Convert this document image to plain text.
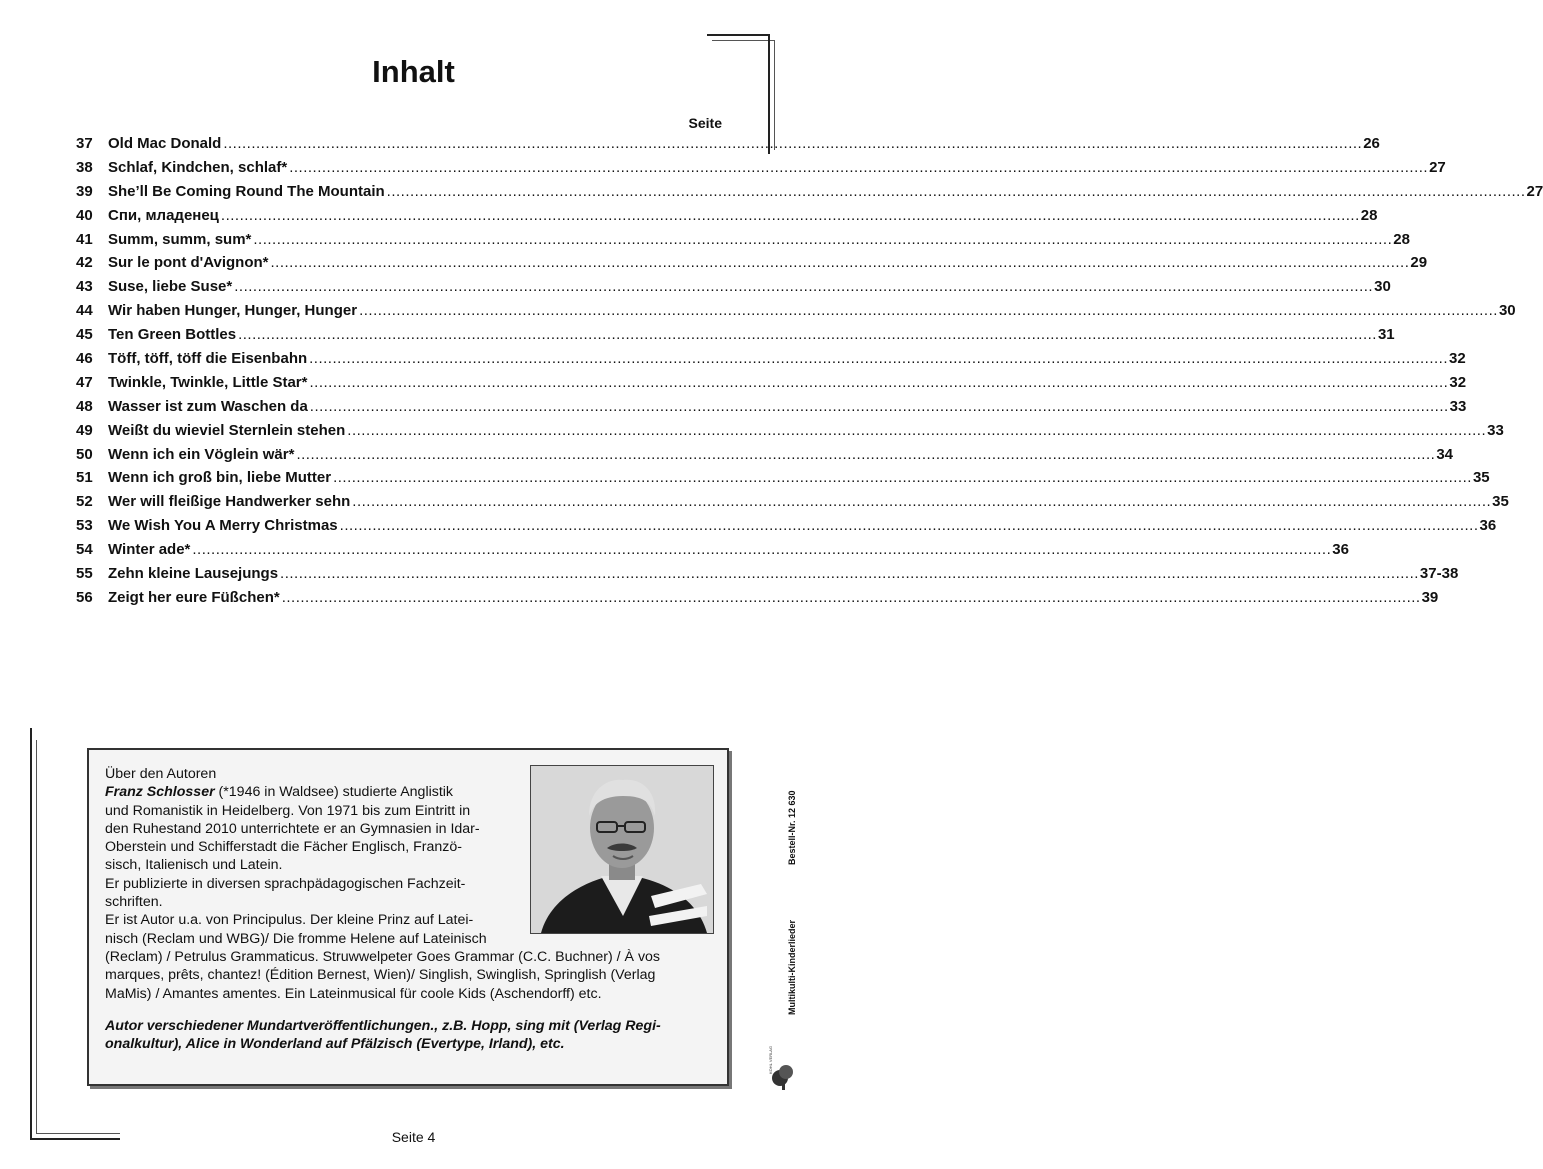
Inhalt
Seite
37	Old Mac Donald .....	26
38	Schlaf, Kindchen, schlaf* .....	27
39	She’ll Be Coming Round The Mountain .....	27
40	Спи, младенец .....	28
41	Summ, summ, sum* .....	28
42	Sur le pont d'Avignon* .....	29
43	Suse, liebe Suse* .....	30
44	Wir haben Hunger, Hunger, Hunger .....	30
45	Ten Green Bottles .....	31
46	Töff, töff, töff die Eisenbahn .....	32
47	Twinkle, Twinkle, Little Star* .....	32
48	Wasser ist zum Waschen da .....	33
49	Weißt du wieviel Sternlein stehen .....	33
50	Wenn ich ein Vöglein wär* .....	34
51	Wenn ich groß bin, liebe Mutter .....	35
52	Wer will fleißige Handwerker sehn .....	35
53	We Wish You A Merry Christmas .....	36
54	Winter ade* .....	36
55	Zehn kleine Lausejungs .....	37-38
56	Zeigt her eure Füßchen* .....	39
Über den Autoren
Franz Schlosser (*1946 in Waldsee) studierte Anglistik
und Romanistik in Heidelberg. Von 1971 bis zum Eintritt in
den Ruhestand 2010 unterrichtete er an Gymnasien in Idar-
Oberstein und Schifferstadt die Fächer Englisch, Franzö-
sisch, Italienisch und Latein.
Er publizierte in diversen sprachpädagogischen Fachzeit-
schriften.
Er ist Autor u.a. von Principulus. Der kleine Prinz auf Latei-
nisch (Reclam und WBG)/ Die fromme Helene auf Lateinisch
(Reclam) / Petrulus Grammaticus. Struwwelpeter Goes Grammar (C.C. Buchner) / À vos
marques, prêts, chantez! (Édition Bernest, Wien)/ Singlish, Swinglish, Springlish (Verlag
MaMis) / Amantes amentes. Ein Lateinmusical für coole Kids (Aschendorff) etc.
Autor verschiedener Mundartveröffentlichungen., z.B. Hopp, sing mit (Verlag Regi-
onalkultur), Alice in Wonderland auf Pfälzisch (Evertype, Irland), etc.
Bestell-Nr. 12 630
Multikulti-Kinderlieder
KOHL VERLAG
Seite 4
